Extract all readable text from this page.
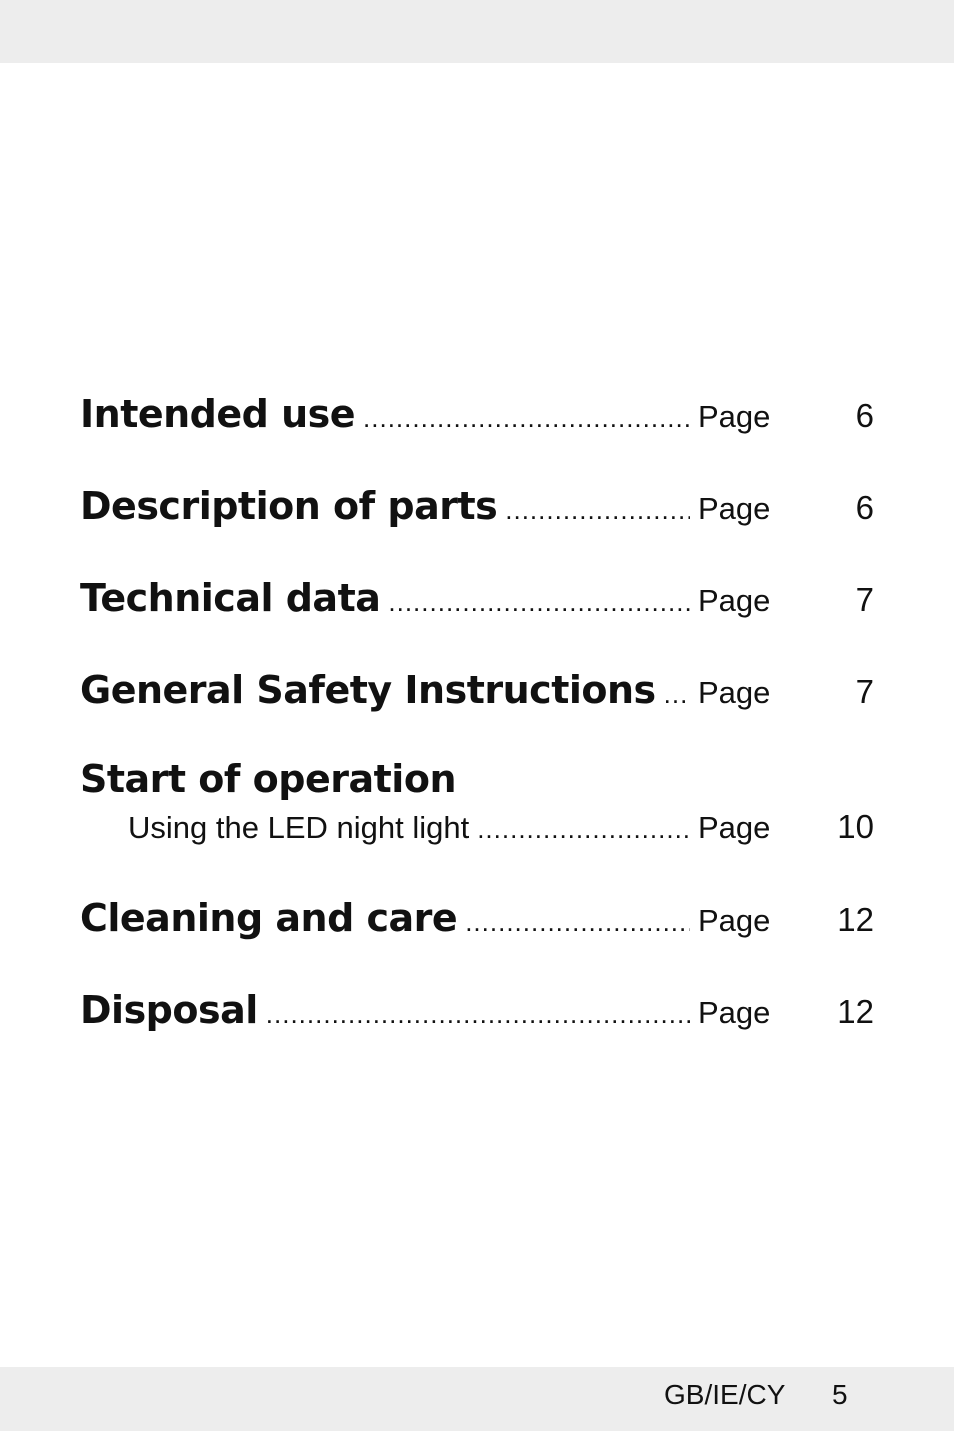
Intended use .....	Page	6
Description of parts .....	Page	6
Technical data .....	Page	7
General Safety Instructions ..... Page	7
Start of operation
Using the LED night light .....	Page	10
Cleaning and care .....	Page	12
Disposal .....	Page	12
GB/IE/CY 5
